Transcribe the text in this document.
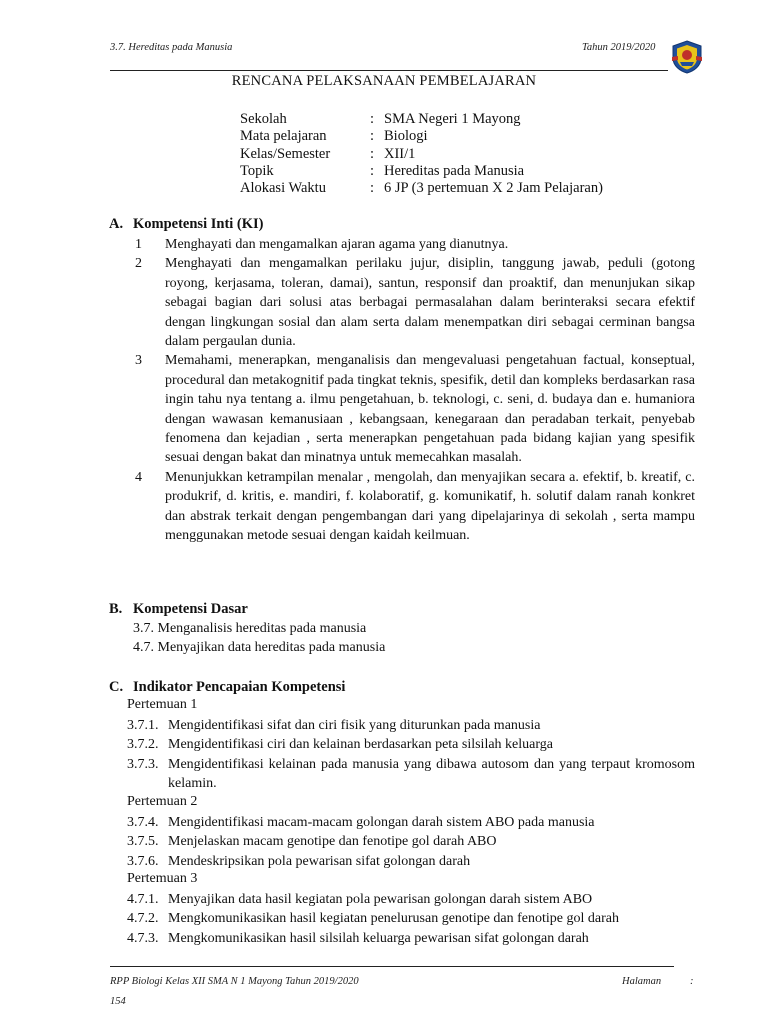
3.7. Hereditas pada Manusia	Tahun 2019/2020
RENCANA PELAKSANAAN PEMBELAJARAN
Sekolah	: SMA Negeri 1 Mayong
Mata pelajaran	: Biologi
Kelas/Semester	: XII/1
Topik	: Hereditas pada Manusia
Alokasi Waktu	: 6 JP (3 pertemuan X 2 Jam Pelajaran)
A. Kompetensi Inti (KI)
1	Menghayati dan mengamalkan ajaran agama yang dianutnya.
2	Menghayati dan mengamalkan perilaku jujur, disiplin, tanggung jawab, peduli (gotong royong, kerjasama, toleran, damai), santun, responsif dan proaktif, dan menunjukan sikap sebagai bagian dari solusi atas berbagai permasalahan dalam berinteraksi secara efektif dengan lingkungan sosial dan alam serta dalam menempatkan diri sebagai cerminan bangsa dalam pergaulan dunia.
3	Memahami, menerapkan, menganalisis dan mengevaluasi pengetahuan factual, konseptual, procedural dan metakognitif pada tingkat teknis, spesifik, detil dan kompleks berdasarkan rasa ingin tahu nya tentang a. ilmu pengetahuan, b. teknologi, c. seni, d. budaya dan e. humaniora dengan wawasan kemanusiaan , kebangsaan, kenegaraan dan peradaban terkait, penyebab fenomena dan kejadian , serta menerapkan pengetahuan pada bidang kajian yang spesifik sesuai dengan bakat dan minatnya untuk memecahkan masalah.
4	Menunjukkan ketrampilan menalar , mengolah, dan menyajikan secara a. efektif, b. kreatif, c. produkrif, d. kritis, e. mandiri, f. kolaboratif, g. komunikatif, h. solutif dalam ranah konkret dan abstrak terkait dengan pengembangan dari yang dipelajarinya di sekolah , serta mampu menggunakan metode sesuai dengan kaidah keilmuan.
B. Kompetensi Dasar
3.7. Menganalisis hereditas pada manusia
4.7. Menyajikan data hereditas pada manusia
C. Indikator Pencapaian Kompetensi
Pertemuan 1
3.7.1. Mengidentifikasi sifat dan ciri fisik yang diturunkan pada manusia
3.7.2. Mengidentifikasi ciri dan kelainan berdasarkan peta silsilah keluarga
3.7.3. Mengidentifikasi kelainan pada manusia yang dibawa autosom dan yang terpaut kromosom kelamin.
Pertemuan 2
3.7.4. Mengidentifikasi macam-macam golongan darah sistem ABO pada manusia
3.7.5. Menjelaskan macam genotipe dan fenotipe gol darah ABO
3.7.6. Mendeskripsikan pola pewarisan sifat golongan darah
Pertemuan 3
4.7.1. Menyajikan data hasil kegiatan pola pewarisan golongan darah sistem ABO
4.7.2. Mengkomunikasikan hasil kegiatan penelurusan genotipe dan fenotipe gol darah
4.7.3. Mengkomunikasikan hasil silsilah keluarga pewarisan sifat golongan darah
RPP Biologi Kelas XII SMA N 1 Mayong Tahun 2019/2020	Halaman	:
154
